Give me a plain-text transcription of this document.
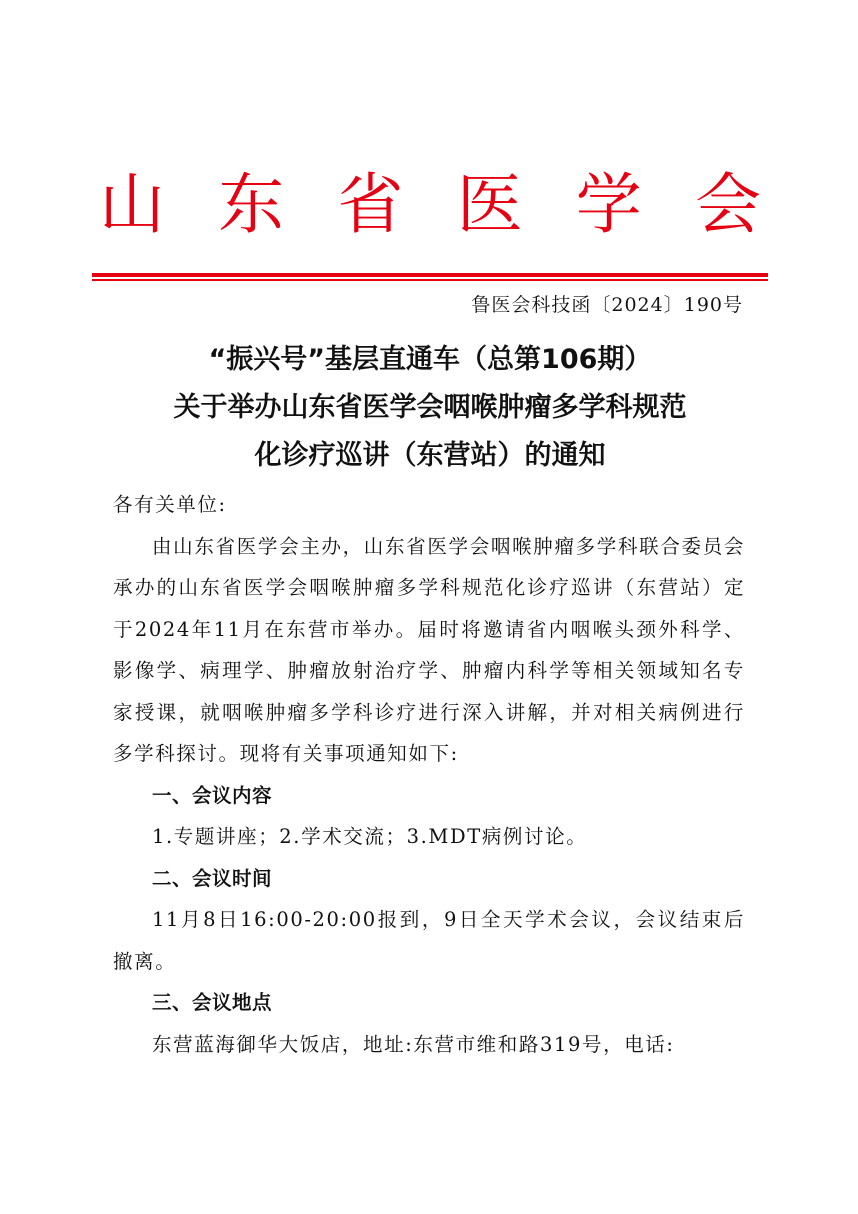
山 东 省 医 学 会
鲁医会科技函〔2024〕190号
“振兴号”基层直通车（总第106期）
关于举办山东省医学会咽喉肿瘤多学科规范
化诊疗巡讲（东营站）的通知

各有关单位:

由山东省医学会主办，山东省医学会咽喉肿瘤多学科联合委员会承办的山东省医学会咽喉肿瘤多学科规范化诊疗巡讲（东营站）定于2024年11月在东营市举办。届时将邀请省内咽喉头颈外科学、影像学、病理学、肿瘤放射治疗学、肿瘤内科学等相关领域知名专家授课，就咽喉肿瘤多学科诊疗进行深入讲解，并对相关病例进行多学科探讨。现将有关事项通知如下:

一、会议内容

1.专题讲座；2.学术交流；3.MDT病例讨论。

二、会议时间

11月8日16:00-20:00报到，9日全天学术会议，会议结束后撤离。

三、会议地点

东营蓝海御华大饭店，地址:东营市维和路319号，电话:
